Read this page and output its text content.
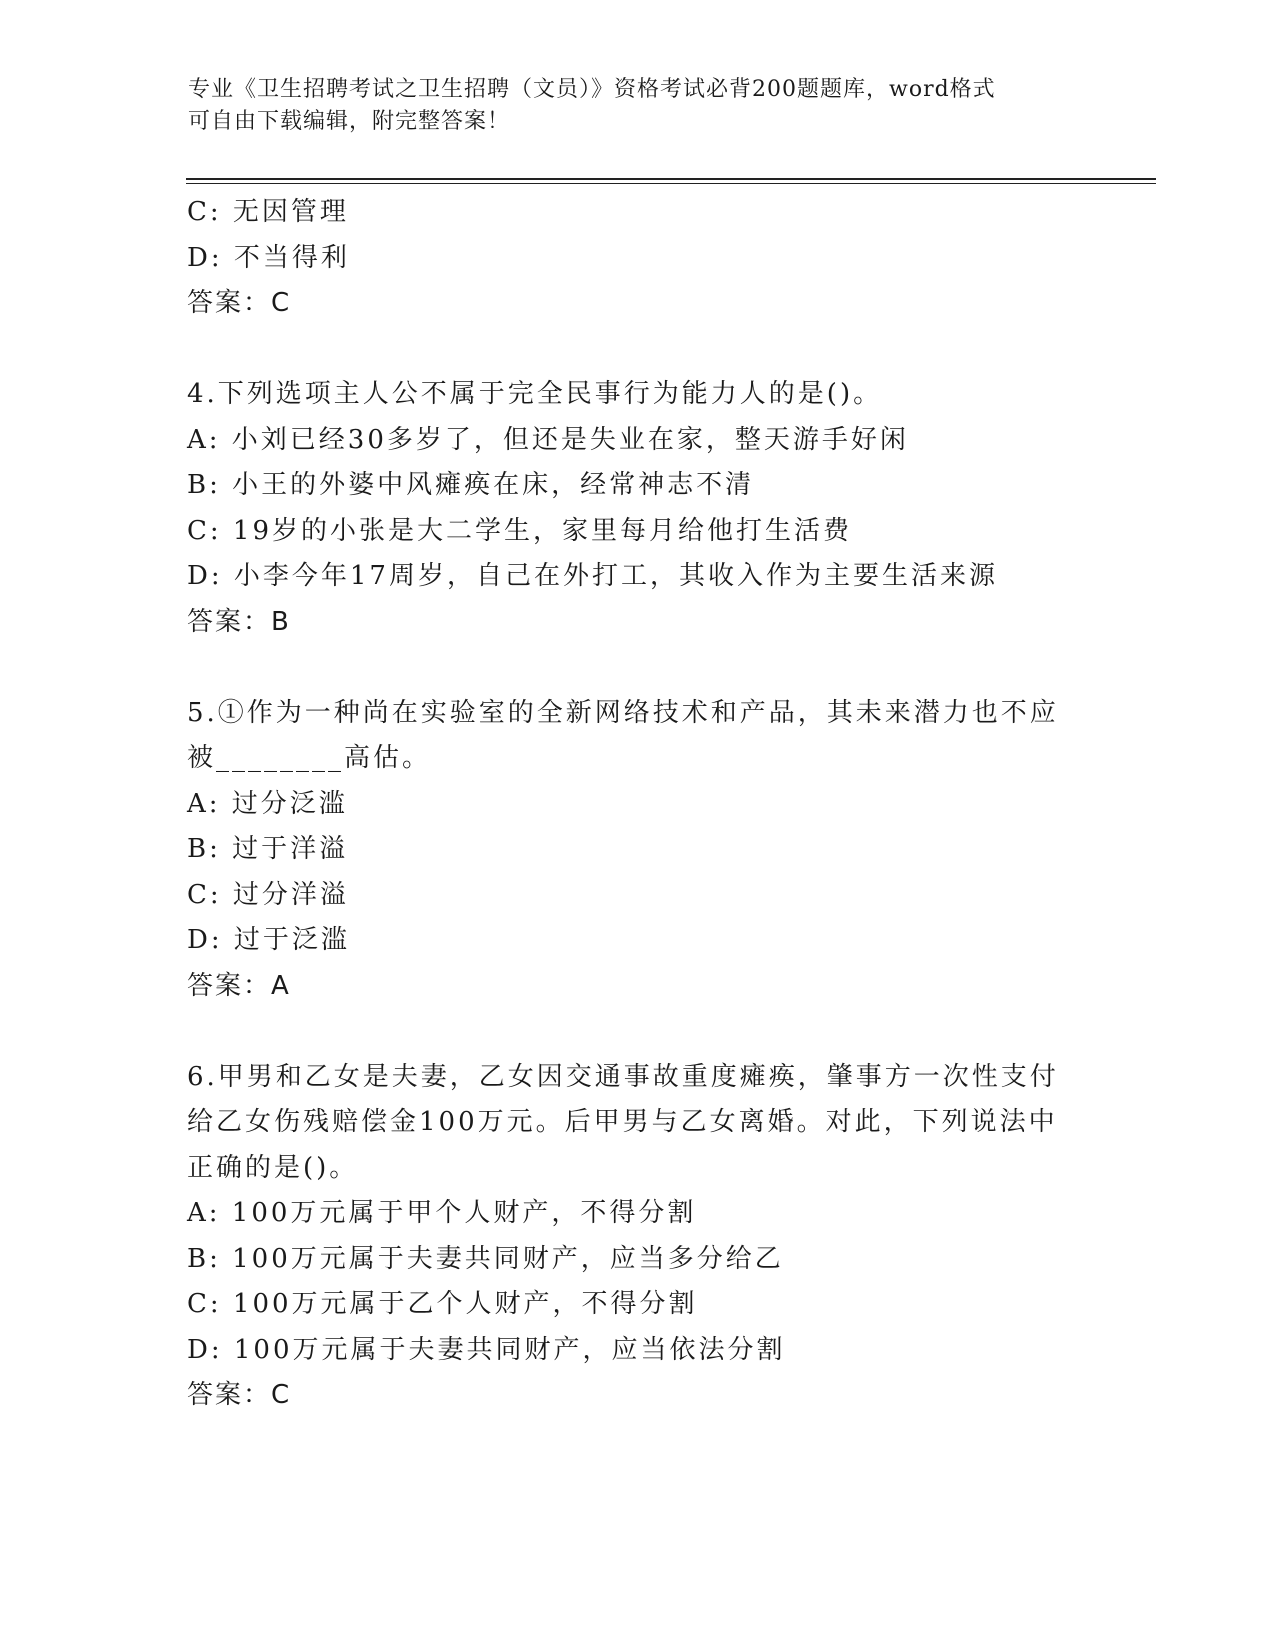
专业《卫生招聘考试之卫生招聘（文员）》资格考试必背200题题库，word格式
可自由下载编辑，附完整答案！
C: 无因管理
D: 不当得利
答案：C
4.下列选项主人公不属于完全民事行为能力人的是()。
A: 小刘已经30多岁了，但还是失业在家，整天游手好闲
B: 小王的外婆中风瘫痪在床，经常神志不清
C: 19岁的小张是大二学生，家里每月给他打生活费
D: 小李今年17周岁，自己在外打工，其收入作为主要生活来源
答案：B
5.①作为一种尚在实验室的全新网络技术和产品，其未来潜力也不应
被________高估。
A: 过分泛滥
B: 过于洋溢
C: 过分洋溢
D: 过于泛滥
答案：A
6.甲男和乙女是夫妻，乙女因交通事故重度瘫痪，肇事方一次性支付
给乙女伤残赔偿金100万元。后甲男与乙女离婚。对此，下列说法中
正确的是()。
A: 100万元属于甲个人财产，不得分割
B: 100万元属于夫妻共同财产，应当多分给乙
C: 100万元属于乙个人财产，不得分割
D: 100万元属于夫妻共同财产，应当依法分割
答案：C
